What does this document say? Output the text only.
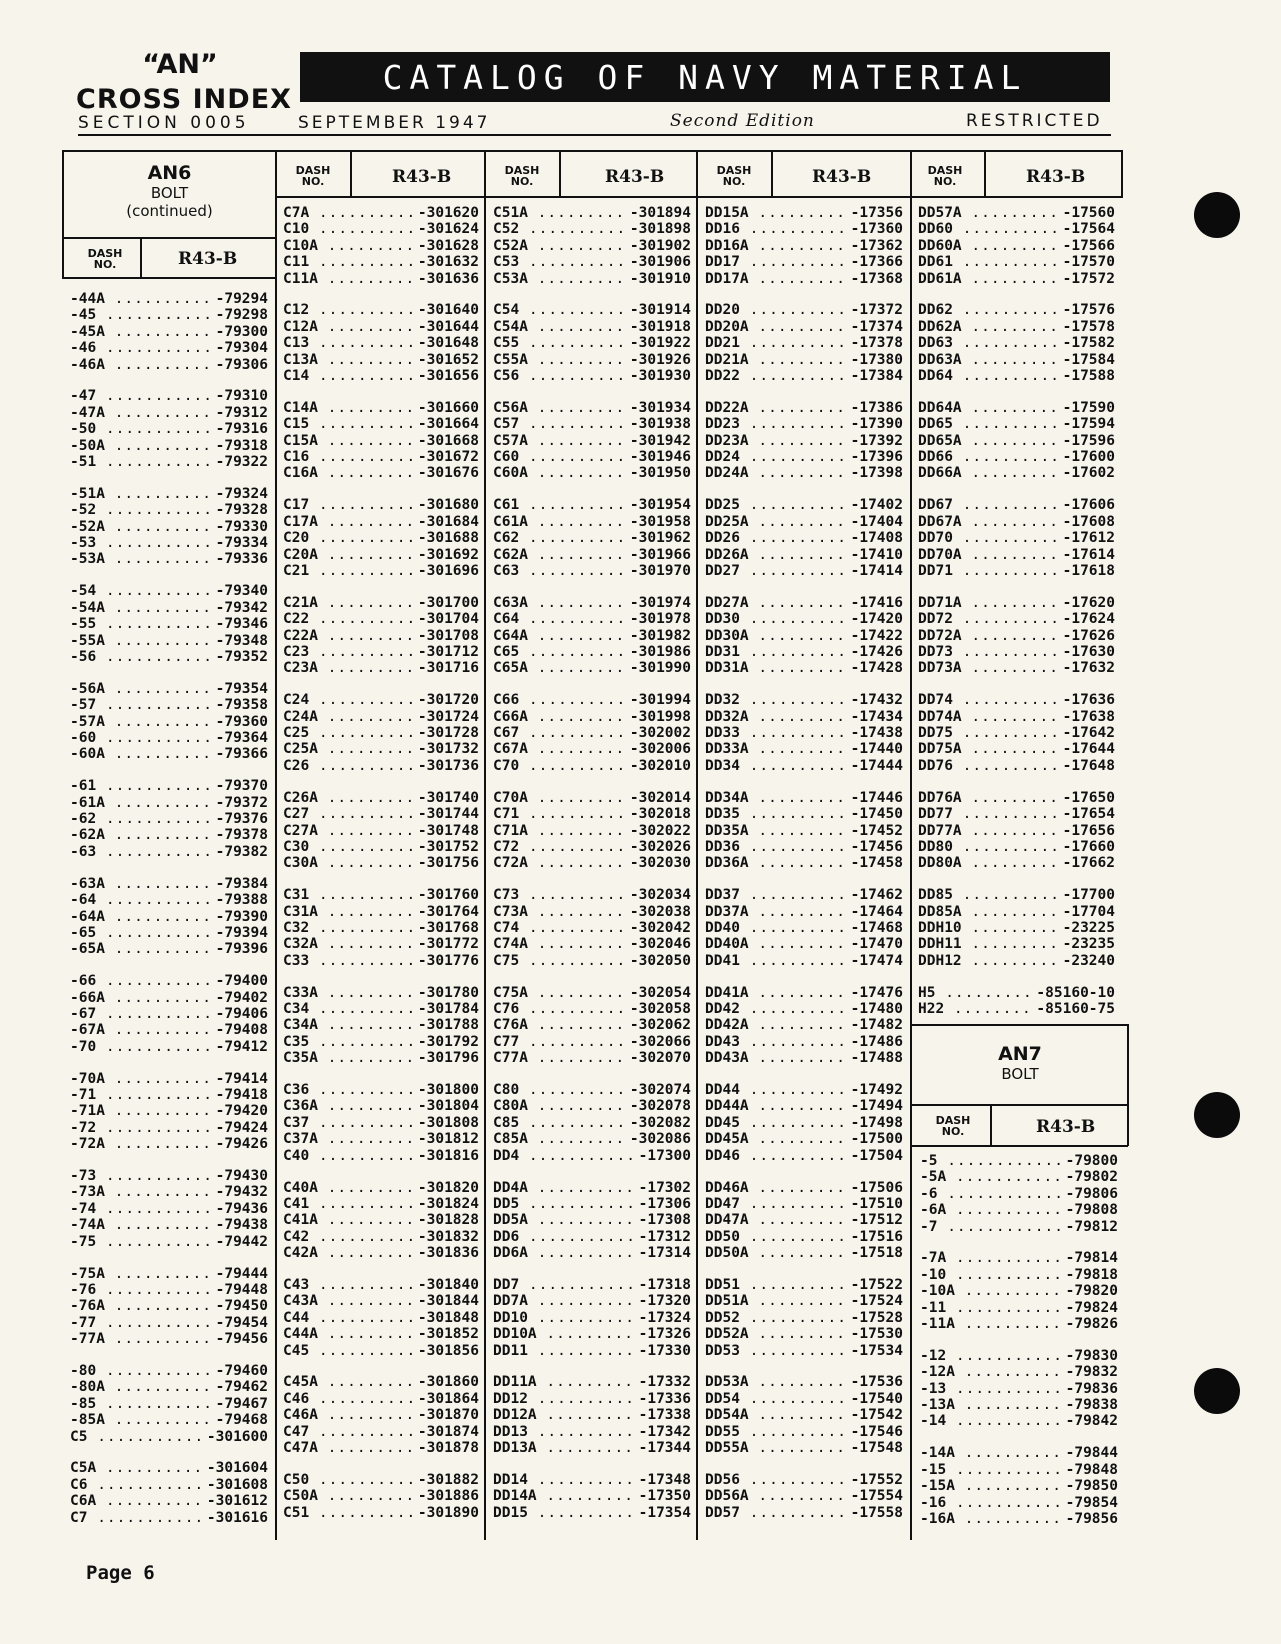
“AN”
CROSS INDEX
CATALOG OF NAVY MATERIAL
SECTION 0005	SEPTEMBER 1947	Second Edition	RESTRICTED
AN6
BOLT
(continued)
DASH
NO.	R43-B
DASH
NO.	R43-B	DASH
NO.	R43-B	DASH
NO.	R43-B	DASH
NO.	R43-B
AN7
BOLT
DASH
NO.	R43-B
-44A .....	-79294
-45 .....	-79298
-45A .....	-79300
-46 .....	-79304
-46A .....	-79306
-47 .....	-79310
-47A .....	-79312
-50 .....	-79316
-50A .....	-79318
-51 .....	-79322
-51A .....	-79324
-52 .....	-79328
-52A .....	-79330
-53 .....	-79334
-53A .....	-79336
-54 .....	-79340
-54A .....	-79342
-55 .....	-79346
-55A .....	-79348
-56 .....	-79352
-56A .....	-79354
-57 .....	-79358
-57A .....	-79360
-60 .....	-79364
-60A .....	-79366
-61 .....	-79370
-61A .....	-79372
-62 .....	-79376
-62A .....	-79378
-63 .....	-79382
-63A .....	-79384
-64 .....	-79388
-64A .....	-79390
-65 .....	-79394
-65A .....	-79396
-66 .....	-79400
-66A .....	-79402
-67 .....	-79406
-67A .....	-79408
-70 .....	-79412
-70A .....	-79414
-71 .....	-79418
-71A .....	-79420
-72 .....	-79424
-72A .....	-79426
-73 .....	-79430
-73A .....	-79432
-74 .....	-79436
-74A .....	-79438
-75 .....	-79442
-75A .....	-79444
-76 .....	-79448
-76A .....	-79450
-77 .....	-79454
-77A .....	-79456
-80 .....	-79460
-80A .....	-79462
-85 .....	-79467
-85A .....	-79468
C5 .....	-301600
C5A .....	-301604
C6 .....	-301608
C6A .....	-301612
C7 .....	-301616
C7A .....	-301620
C10 .....	-301624
C10A .....	-301628
C11 .....	-301632
C11A .....	-301636
C12 .....	-301640
C12A .....	-301644
C13 .....	-301648
C13A .....	-301652
C14 .....	-301656
C14A .....	-301660
C15 .....	-301664
C15A .....	-301668
C16 .....	-301672
C16A .....	-301676
C17 .....	-301680
C17A .....	-301684
C20 .....	-301688
C20A .....	-301692
C21 .....	-301696
C21A .....	-301700
C22 .....	-301704
C22A .....	-301708
C23 .....	-301712
C23A .....	-301716
C24 .....	-301720
C24A .....	-301724
C25 .....	-301728
C25A .....	-301732
C26 .....	-301736
C26A .....	-301740
C27 .....	-301744
C27A .....	-301748
C30 .....	-301752
C30A .....	-301756
C31 .....	-301760
C31A .....	-301764
C32 .....	-301768
C32A .....	-301772
C33 .....	-301776
C33A .....	-301780
C34 .....	-301784
C34A .....	-301788
C35 .....	-301792
C35A .....	-301796
C36 .....	-301800
C36A .....	-301804
C37 .....	-301808
C37A .....	-301812
C40 .....	-301816
C40A .....	-301820
C41 .....	-301824
C41A .....	-301828
C42 .....	-301832
C42A .....	-301836
C43 .....	-301840
C43A .....	-301844
C44 .....	-301848
C44A .....	-301852
C45 .....	-301856
C45A .....	-301860
C46 .....	-301864
C46A .....	-301870
C47 .....	-301874
C47A .....	-301878
C50 .....	-301882
C50A .....	-301886
C51 .....	-301890
C51A .....	-301894
C52 .....	-301898
C52A .....	-301902
C53 .....	-301906
C53A .....	-301910
C54 .....	-301914
C54A .....	-301918
C55 .....	-301922
C55A .....	-301926
C56 .....	-301930
C56A .....	-301934
C57 .....	-301938
C57A .....	-301942
C60 .....	-301946
C60A .....	-301950
C61 .....	-301954
C61A .....	-301958
C62 .....	-301962
C62A .....	-301966
C63 .....	-301970
C63A .....	-301974
C64 .....	-301978
C64A .....	-301982
C65 .....	-301986
C65A .....	-301990
C66 .....	-301994
C66A .....	-301998
C67 .....	-302002
C67A .....	-302006
C70 .....	-302010
C70A .....	-302014
C71 .....	-302018
C71A .....	-302022
C72 .....	-302026
C72A .....	-302030
C73 .....	-302034
C73A .....	-302038
C74 .....	-302042
C74A .....	-302046
C75 .....	-302050
C75A .....	-302054
C76 .....	-302058
C76A .....	-302062
C77 .....	-302066
C77A .....	-302070
C80 .....	-302074
C80A .....	-302078
C85 .....	-302082
C85A .....	-302086
DD4 .....	-17300
DD4A .....	-17302
DD5 .....	-17306
DD5A .....	-17308
DD6 .....	-17312
DD6A .....	-17314
DD7 .....	-17318
DD7A .....	-17320
DD10 .....	-17324
DD10A .....	-17326
DD11 .....	-17330
DD11A .....	-17332
DD12 .....	-17336
DD12A .....	-17338
DD13 .....	-17342
DD13A .....	-17344
DD14 .....	-17348
DD14A .....	-17350
DD15 .....	-17354
DD15A .....	-17356
DD16 .....	-17360
DD16A .....	-17362
DD17 .....	-17366
DD17A .....	-17368
DD20 .....	-17372
DD20A .....	-17374
DD21 .....	-17378
DD21A .....	-17380
DD22 .....	-17384
DD22A .....	-17386
DD23 .....	-17390
DD23A .....	-17392
DD24 .....	-17396
DD24A .....	-17398
DD25 .....	-17402
DD25A .....	-17404
DD26 .....	-17408
DD26A .....	-17410
DD27 .....	-17414
DD27A .....	-17416
DD30 .....	-17420
DD30A .....	-17422
DD31 .....	-17426
DD31A .....	-17428
DD32 .....	-17432
DD32A .....	-17434
DD33 .....	-17438
DD33A .....	-17440
DD34 .....	-17444
DD34A .....	-17446
DD35 .....	-17450
DD35A .....	-17452
DD36 .....	-17456
DD36A .....	-17458
DD37 .....	-17462
DD37A .....	-17464
DD40 .....	-17468
DD40A .....	-17470
DD41 .....	-17474
DD41A .....	-17476
DD42 .....	-17480
DD42A .....	-17482
DD43 .....	-17486
DD43A .....	-17488
DD44 .....	-17492
DD44A .....	-17494
DD45 .....	-17498
DD45A .....	-17500
DD46 .....	-17504
DD46A .....	-17506
DD47 .....	-17510
DD47A .....	-17512
DD50 .....	-17516
DD50A .....	-17518
DD51 .....	-17522
DD51A .....	-17524
DD52 .....	-17528
DD52A .....	-17530
DD53 .....	-17534
DD53A .....	-17536
DD54 .....	-17540
DD54A .....	-17542
DD55 .....	-17546
DD55A .....	-17548
DD56 .....	-17552
DD56A .....	-17554
DD57 .....	-17558
DD57A .....	-17560
DD60 .....	-17564
DD60A .....	-17566
DD61 .....	-17570
DD61A .....	-17572
DD62 .....	-17576
DD62A .....	-17578
DD63 .....	-17582
DD63A .....	-17584
DD64 .....	-17588
DD64A .....	-17590
DD65 .....	-17594
DD65A .....	-17596
DD66 .....	-17600
DD66A .....	-17602
DD67 .....	-17606
DD67A .....	-17608
DD70 .....	-17612
DD70A .....	-17614
DD71 .....	-17618
DD71A .....	-17620
DD72 .....	-17624
DD72A .....	-17626
DD73 .....	-17630
DD73A .....	-17632
DD74 .....	-17636
DD74A .....	-17638
DD75 .....	-17642
DD75A .....	-17644
DD76 .....	-17648
DD76A .....	-17650
DD77 .....	-17654
DD77A .....	-17656
DD80 .....	-17660
DD80A .....	-17662
DD85 .....	-17700
DD85A .....	-17704
DDH10 .....	-23225
DDH11 .....	-23235
DDH12 .....	-23240
H5 .....	-85160-10
H22 .....	-85160-75
-5 .....	-79800
-5A .....	-79802
-6 .....	-79806
-6A .....	-79808
-7 .....	-79812
-7A .....	-79814
-10 .....	-79818
-10A .....	-79820
-11 .....	-79824
-11A .....	-79826
-12 .....	-79830
-12A .....	-79832
-13 .....	-79836
-13A .....	-79838
-14 .....	-79842
-14A .....	-79844
-15 .....	-79848
-15A .....	-79850
-16 .....	-79854
-16A .....	-79856
Page 6
